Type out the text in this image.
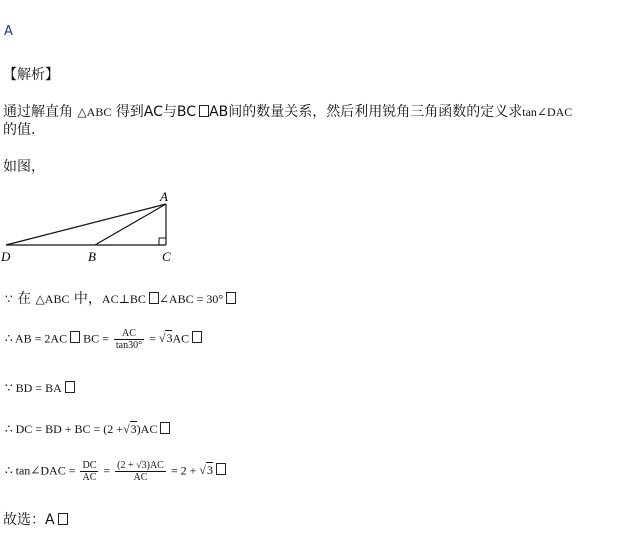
A
【解析】
通过解直角 △ABC 得到AC与BC AB间的数量关系，然后利用锐角三角函数的定义求tan∠DAC
的值.
如图，
A
B	C
D
∵ 在 △ABC 中，AC⊥BC ∠ABC = 30°
∴ AB = 2AC BC = $\frac{AC}{\tan 30^\circ} = √3AC$
∵ BD = BA
∴ DC = BD + BC = (2 +√3)AC
∴ tan∠DAC = $\frac{DC}{AC} = \frac{(2 + √3)AC}{AC} = 2 + √3$
故选：A
